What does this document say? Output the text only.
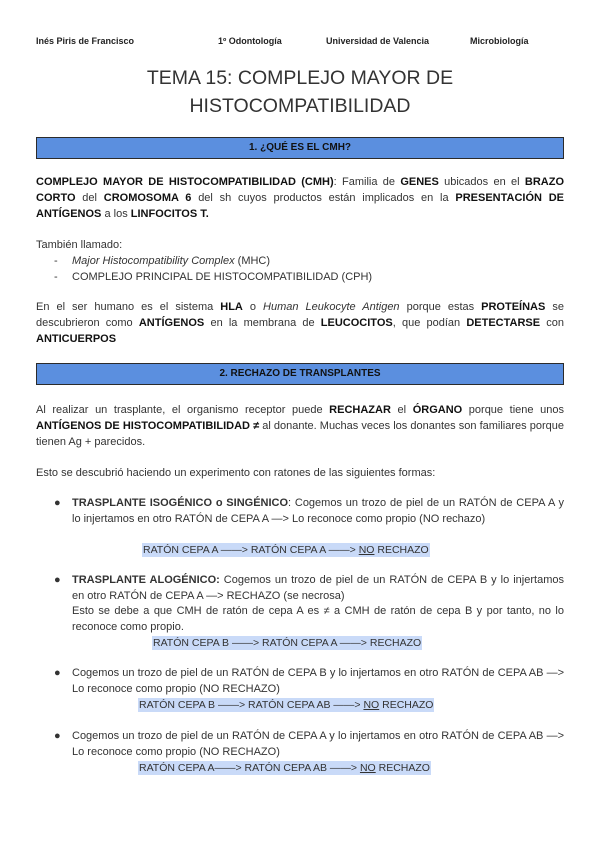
Inés Piris de Francisco	1º Odontología	Universidad de Valencia	Microbiología
TEMA 15: COMPLEJO MAYOR DE
HISTOCOMPATIBILIDAD
1. ¿QUÉ ES EL CMH?
COMPLEJO MAYOR DE HISTOCOMPATIBILIDAD (CMH): Familia de GENES ubicados en el BRAZO CORTO del CROMOSOMA 6 del sh cuyos productos están implicados en la PRESENTACIÓN DE ANTÍGENOS a los LINFOCITOS T.
También llamado:
- Major Histocompatibility Complex (MHC)
- COMPLEJO PRINCIPAL DE HISTOCOMPATIBILIDAD (CPH)
En el ser humano es el sistema HLA o Human Leukocyte Antigen porque estas PROTEÍNAS se descubrieron como ANTÍGENOS en la membrana de LEUCOCITOS, que podían DETECTARSE con ANTICUERPOS
2. RECHAZO DE TRANSPLANTES
Al realizar un trasplante, el organismo receptor puede RECHAZAR el ÓRGANO porque tiene unos ANTÍGENOS DE HISTOCOMPATIBILIDAD ≠ al donante. Muchas veces los donantes son familiares porque tienen Ag + parecidos.
Esto se descubrió haciendo un experimento con ratones de las siguientes formas:
● TRASPLANTE ISOGÉNICO o SINGÉNICO: Cogemos un trozo de piel de un RATÓN de CEPA A y lo injertamos en otro RATÓN de CEPA A —> Lo reconoce como propio (NO rechazo)
RATÓN CEPA A ——> RATÓN CEPA A ——> NO RECHAZO
● TRASPLANTE ALOGÉNICO: Cogemos un trozo de piel de un RATÓN de CEPA B y lo injertamos en otro RATÓN de CEPA A —> RECHAZO (se necrosa)
Esto se debe a que CMH de ratón de cepa A es ≠ a CMH de ratón de cepa B y por tanto, no lo reconoce como propio.
RATÓN CEPA B ——> RATÓN CEPA A ——> RECHAZO
● Cogemos un trozo de piel de un RATÓN de CEPA B y lo injertamos en otro RATÓN de CEPA AB —> Lo reconoce como propio (NO RECHAZO)
RATÓN CEPA B ——> RATÓN CEPA AB ——> NO RECHAZO
● Cogemos un trozo de piel de un RATÓN de CEPA A y lo injertamos en otro RATÓN de CEPA AB —> Lo reconoce como propio (NO RECHAZO)
RATÓN CEPA A——> RATÓN CEPA AB ——> NO RECHAZO
